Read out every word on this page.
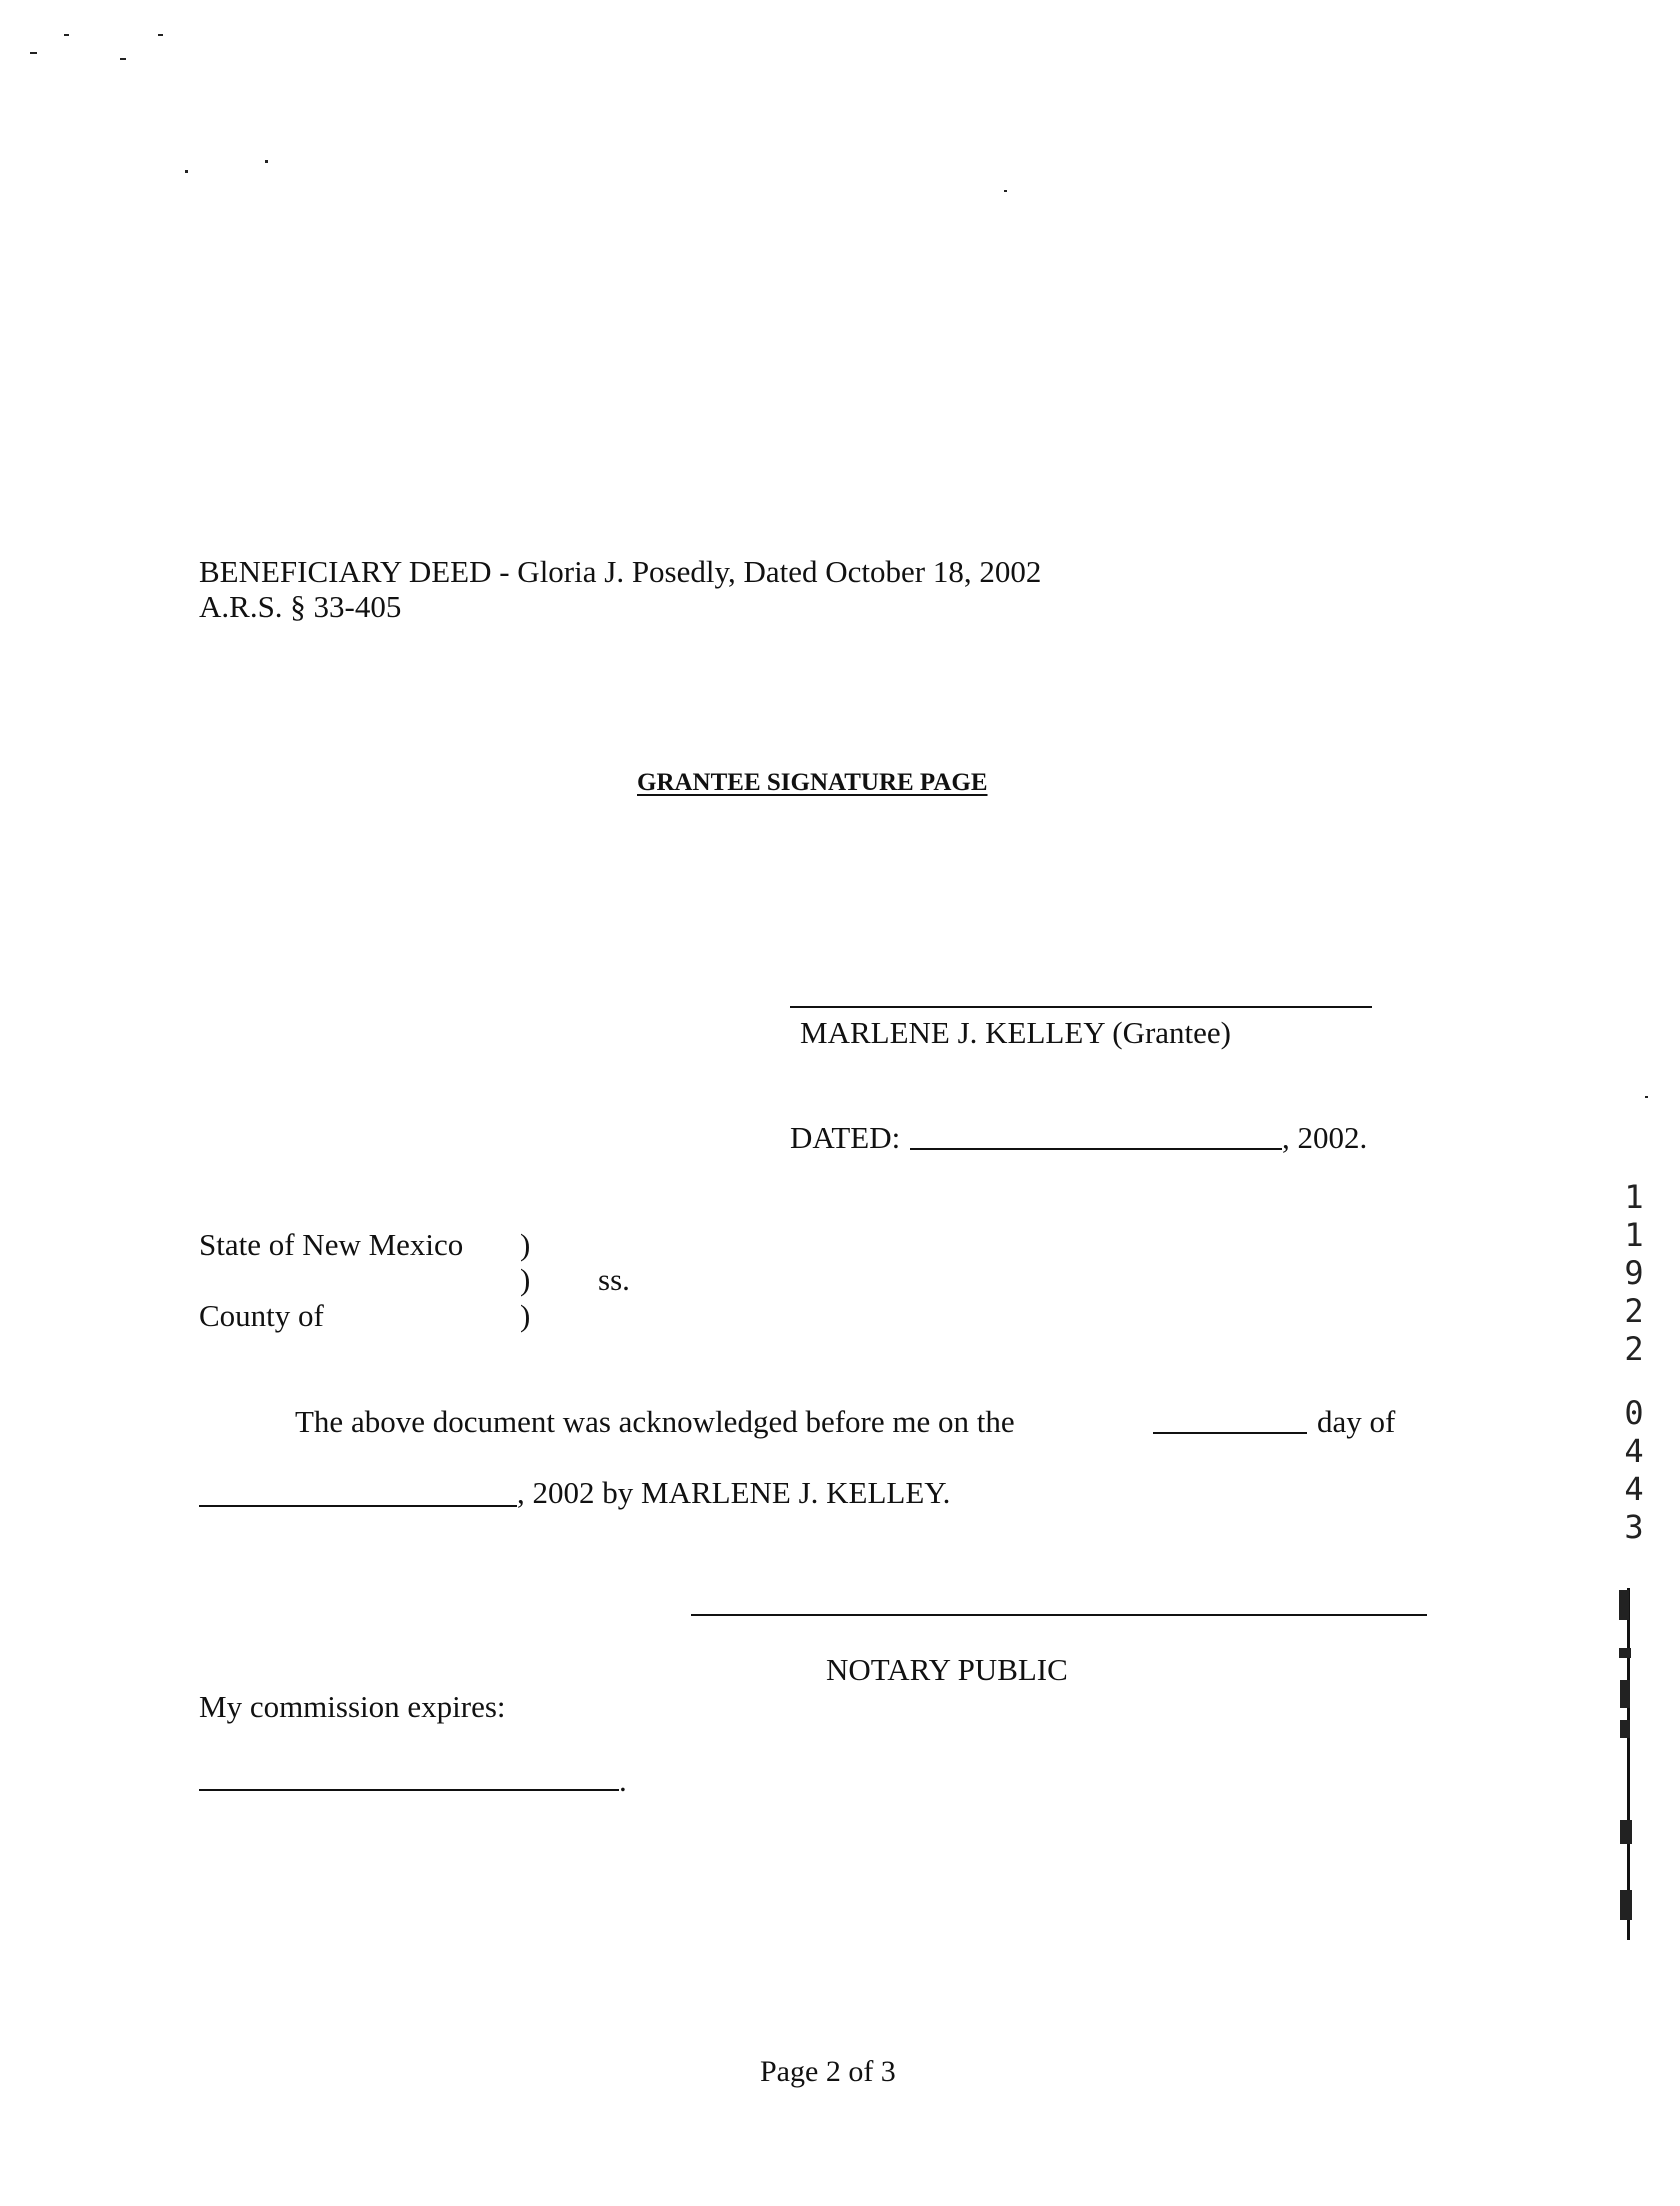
BENEFICIARY DEED - Gloria J. Posedly, Dated October 18, 2002
A.R.S. § 33-405
GRANTEE SIGNATURE PAGE
MARLENE J. KELLEY (Grantee)
DATED:	, 2002.
State of New Mexico )
) ss.
County of	)
The above document was acknowledged before me on the	day of
, 2002 by MARLENE J. KELLEY.
NOTARY PUBLIC
My commission expires:
.
Page 2 of 3
1
1
9
2
2
0
4
4
3
